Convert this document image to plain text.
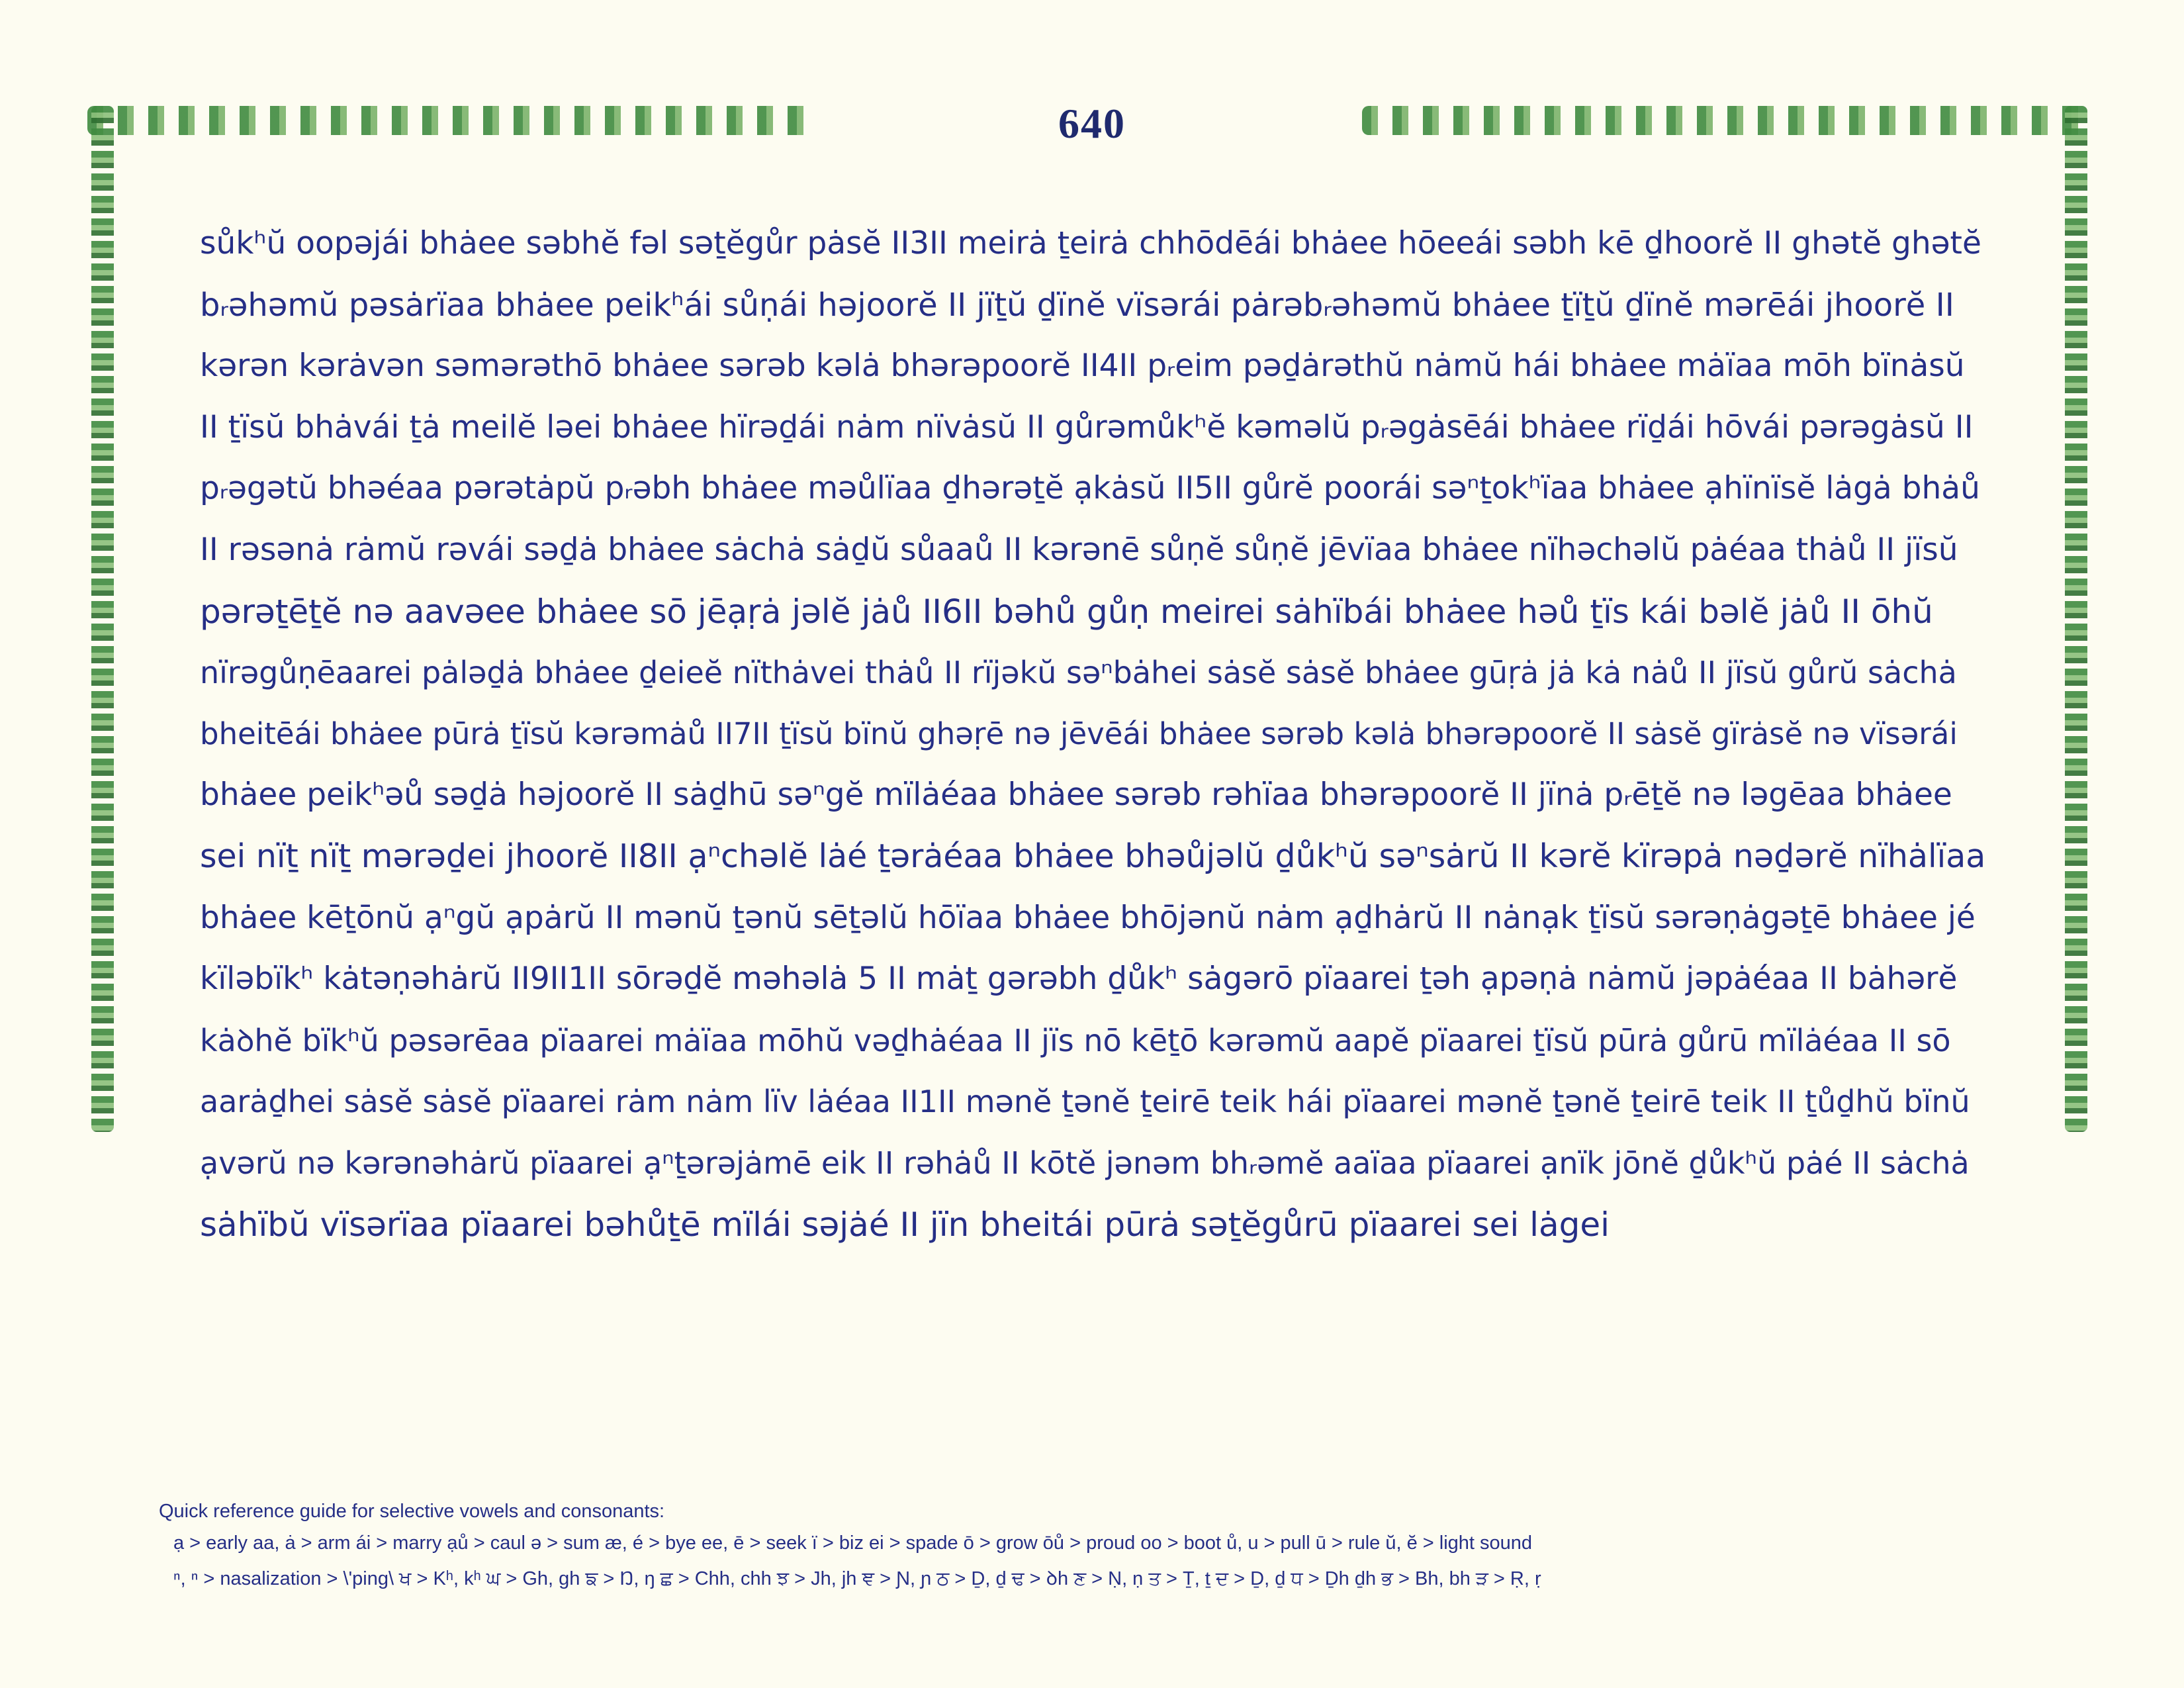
640
sůkʰŭ oopəjái bhȧee səbhĕ fəl səṯĕgůr pȧsĕ II3II meirȧ ṯeirȧ chhōdēái bhȧee hōeeái səbh kē ḏhoorĕ II ghətĕ ghətĕ
bᵣəhəmŭ pəsȧrïaa bhȧee peikʰái sůṇái həjoorĕ II jïṯŭ ḏïnĕ vïsərái pȧrəbᵣəhəmŭ bhȧee ṯïṯŭ ḏïnĕ mərēái jhoorĕ II
kərən kərȧvən səmərəthō bhȧee sərəb kəlȧ bhərəpoorĕ II4II pᵣeim pəḏȧrəthŭ nȧmŭ hái bhȧee mȧïaa mōh bïnȧsŭ
II ṯïsŭ bhȧvái ṯȧ meilĕ ləei bhȧee hïrəḏái nȧm nïvȧsŭ II gůrəmůkʰĕ kəməlŭ pᵣəgȧsēái bhȧee rïḏái hōvái pərəgȧsŭ II
pᵣəgətŭ bhəéaa pərətȧpŭ pᵣəbh bhȧee məůlïaa ḏhərəṯĕ ạkȧsŭ II5II gůrĕ poorái səⁿṯokʰïaa bhȧee ạhïnïsĕ lȧgȧ bhȧů
II rəsənȧ rȧmŭ rəvái səḏȧ bhȧee sȧchȧ sȧḏŭ sůaaů II kərənē sůṇĕ sůṇĕ jēvïaa bhȧee nïhəchəlŭ pȧéaa thȧů II jïsŭ
pərəṯēṯĕ nə aavəee bhȧee sō jēạṛȧ jəlĕ jȧů II6II bəhů gůṇ meirei sȧhïbái bhȧee həů ṯïs kái bəlĕ jȧů II ōhŭ
nïrəgůṇēaarei pȧləḏȧ bhȧee ḏeieĕ nïthȧvei thȧů II rïjəkŭ səⁿbȧhei sȧsĕ sȧsĕ bhȧee gūṛȧ jȧ kȧ nȧů II jïsŭ gůrŭ sȧchȧ
bheitēái bhȧee pūrȧ ṯïsŭ kərəmȧů II7II ṯïsŭ bïnŭ ghəṛē nə jēvēái bhȧee sərəb kəlȧ bhərəpoorĕ II sȧsĕ gïrȧsĕ nə vïsərái
bhȧee peikʰəů səḏȧ həjoorĕ II sȧḏhū səⁿgĕ mïlȧéaa bhȧee sərəb rəhïaa bhərəpoorĕ II jïnȧ pᵣēṯĕ nə ləgēaa bhȧee
sei nïṯ nïṯ mərəḏei jhoorĕ II8II ạⁿchəlĕ lȧé ṯərȧéaa bhȧee bhəůjəlŭ ḏůkʰŭ səⁿsȧrŭ II kərĕ kïrəpȧ nəḏərĕ nïhȧlïaa
bhȧee kēṯōnŭ ạⁿgŭ ạpȧrŭ II mənŭ ṯənŭ sēṯəlŭ hōïaa bhȧee bhōjənŭ nȧm ạḏhȧrŭ II nȧnạk ṯïsŭ sərəṇȧgəṯē bhȧee jé
kïləbïkʰ kȧtəṇəhȧrŭ II9II1II sōrəḏĕ məhəlȧ 5 II mȧṯ gərəbh ḏůkʰ sȧgərō pïaarei ṯəh ạpəṇȧ nȧmŭ jəpȧéaa II bȧhərĕ
kȧꝺhĕ bïkʰŭ pəsərēaa pïaarei mȧïaa mōhŭ vəḏhȧéaa II jïs nō kēṯō kərəmŭ aapĕ pïaarei ṯïsŭ pūrȧ gůrū mïlȧéaa II sō
aarȧḏhei sȧsĕ sȧsĕ pïaarei rȧm nȧm lïv lȧéaa II1II mənĕ ṯənĕ ṯeirē teik hái pïaarei mənĕ ṯənĕ ṯeirē teik II ṯůḏhŭ bïnŭ
ạvərŭ nə kərənəhȧrŭ pïaarei ạⁿṯərəjȧmē eik II rəhȧů II kōtĕ jənəm bhᵣəmĕ aaïaa pïaarei ạnïk jōnĕ ḏůkʰŭ pȧé II sȧchȧ
sȧhïbŭ vïsərïaa pïaarei bəhůṯē mïlái səjȧé II jïn bheitái pūrȧ səṯĕgůrū pïaarei sei lȧgei
Quick reference guide for selective vowels and consonants:
ạ > early aa, ȧ > arm ái > marry ạů > caul ə > sum æ, é > bye ee, ē > seek ï > biz ei > spade ō > grow ōů > proud oo > boot ů, u > pull ū > rule ŭ, ĕ > light sound
ⁿ, ⁿ > nasalization > \'ping\ ਖ > Kʰ, kʰ ਘ > Gh, gh ਙ > Ŋ, ŋ ਛ > Chh, chh ਝ > Jh, jh ਞ > Ɲ, ɲ ਠ > Ḏ, ḏ ਢ > ꝺh ਣ > Ṇ, ṇ ਤ > Ṯ, ṯ ਦ > Ḏ, ḏ ਧ > Ḏh ḏh ਭ > Bh, bh ੜ > Ṛ, ṛ
